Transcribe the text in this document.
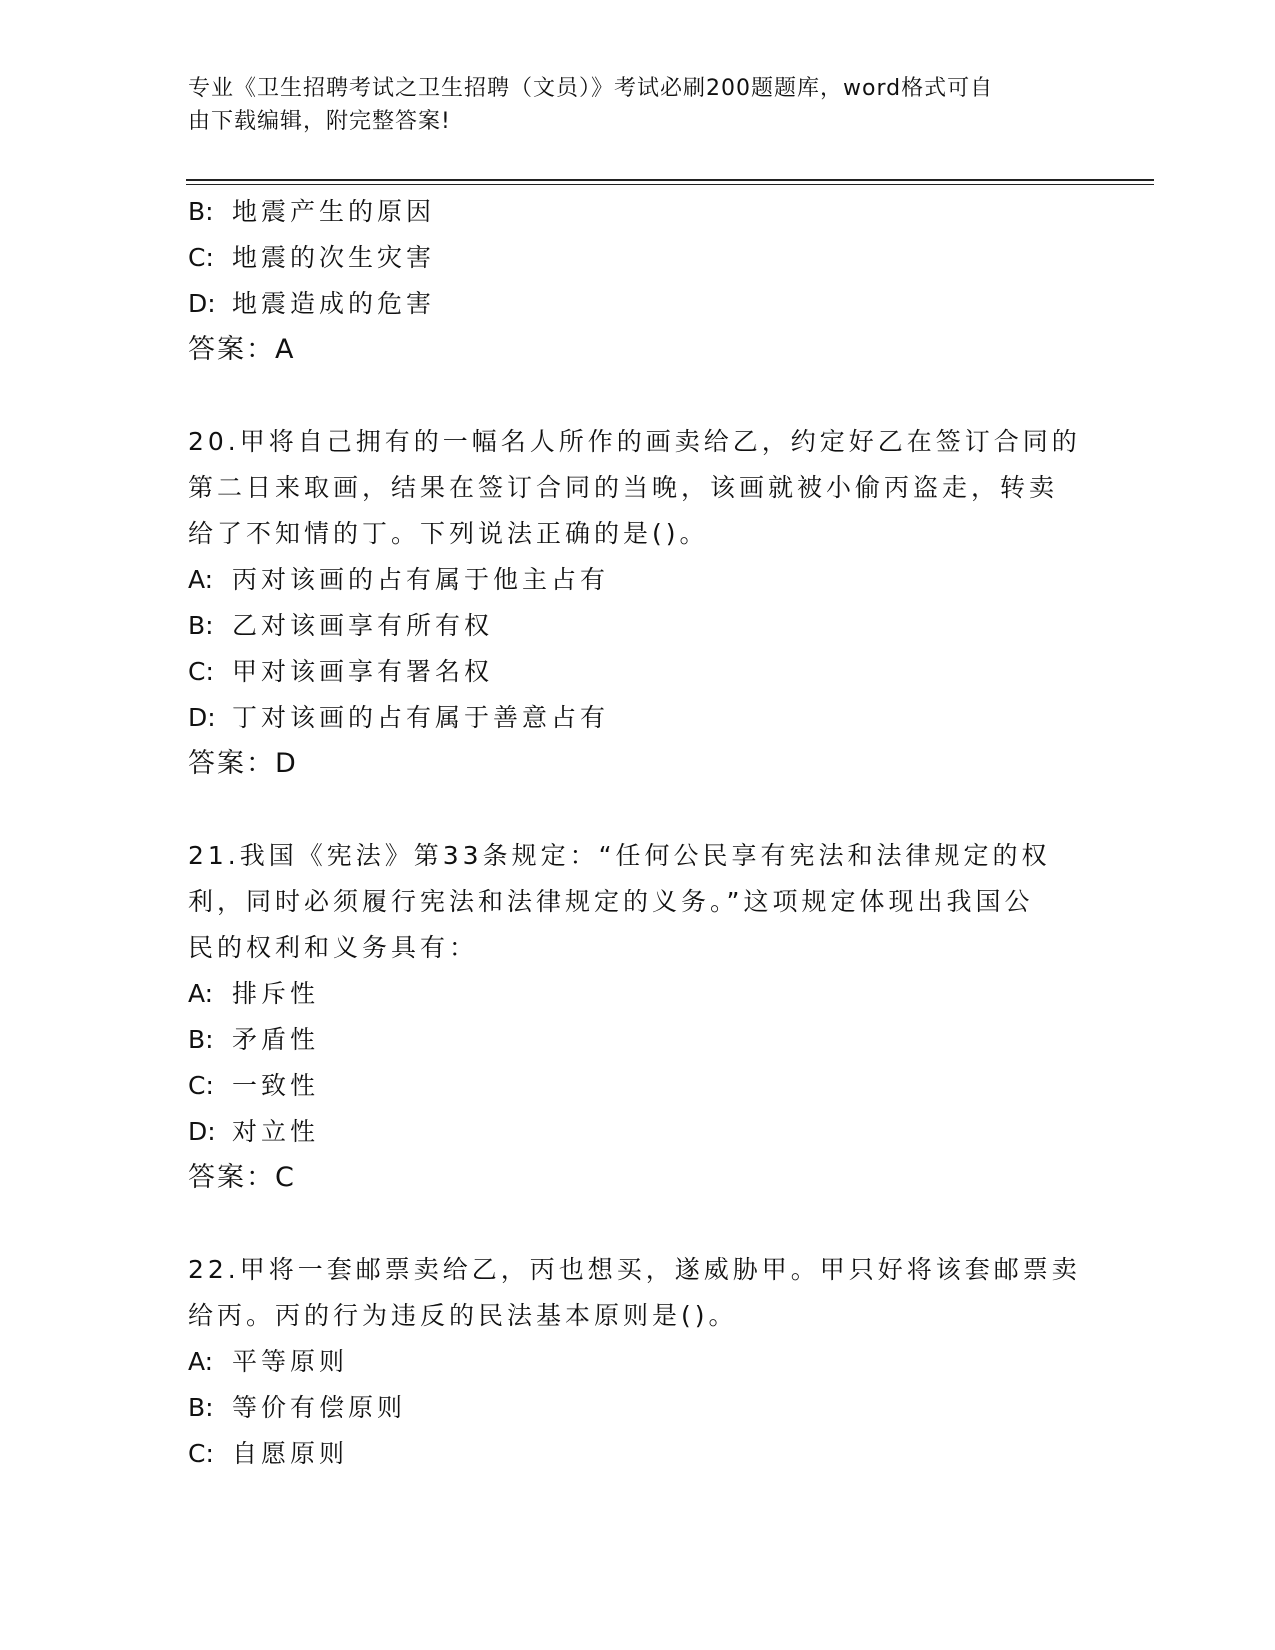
专业《卫生招聘考试之卫生招聘（文员）》考试必刷200题题库，word格式可自
由下载编辑，附完整答案!
B: 地震产生的原因
C: 地震的次生灾害
D: 地震造成的危害
答案：A
20.甲将自己拥有的一幅名人所作的画卖给乙，约定好乙在签订合同的
第二日来取画，结果在签订合同的当晚，该画就被小偷丙盗走，转卖
给了不知情的丁。下列说法正确的是()。
A: 丙对该画的占有属于他主占有
B: 乙对该画享有所有权
C: 甲对该画享有署名权
D: 丁对该画的占有属于善意占有
答案：D
21.我国《宪法》第33条规定：“任何公民享有宪法和法律规定的权
利，同时必须履行宪法和法律规定的义务。”这项规定体现出我国公
民的权利和义务具有：
A: 排斥性
B: 矛盾性
C: 一致性
D: 对立性
答案：C
22.甲将一套邮票卖给乙，丙也想买，遂威胁甲。甲只好将该套邮票卖
给丙。丙的行为违反的民法基本原则是()。
A: 平等原则
B: 等价有偿原则
C: 自愿原则
